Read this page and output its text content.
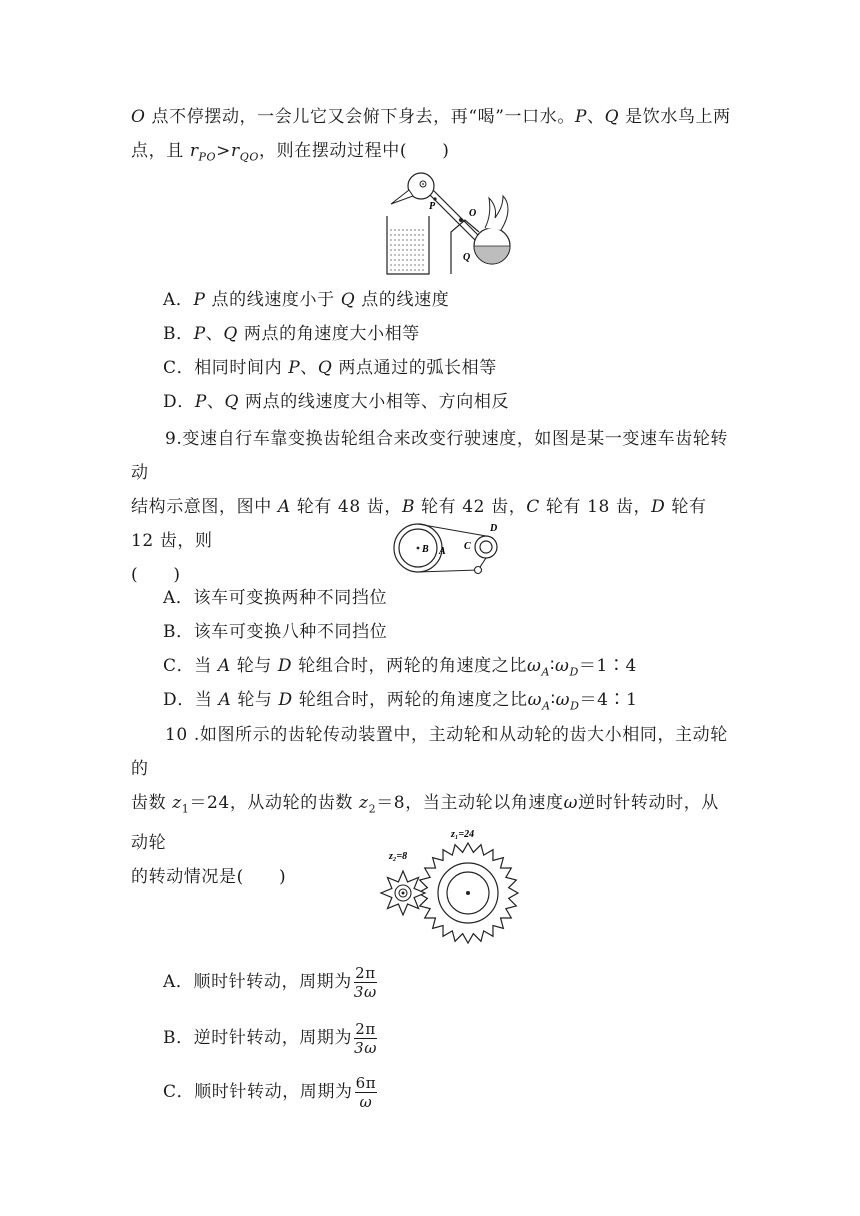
O 点不停摆动，一会儿它又会俯下身去，再“喝”一口水。P、Q 是饮水鸟上两
点，且 $r_{PO}>r_{QO}$，则在摆动过程中(　　)

P
O
Q
A．P 点的线速度小于 Q 点的线速度
B．P、Q 两点的角速度大小相等
C．相同时间内 P、Q 两点通过的弧长相等
D．P、Q 两点的线速度大小相等、方向相反

9.变速自行车靠变换齿轮组合来改变行驶速度，如图是某一变速车齿轮转动
结构示意图，图中 A 轮有 48 齿，B 轮有 42 齿，C 轮有 18 齿，D 轮有 12 齿，则
(　　)

B A C
D
A．该车可变换两种不同挡位
B．该车可变换八种不同挡位
C．当 A 轮与 D 轮组合时，两轮的角速度之比$\omega_A∶\omega_D=1∶4$
D．当 A 轮与 D 轮组合时，两轮的角速度之比$\omega_A∶\omega_D=4∶1$

10 .如图所示的齿轮传动装置中，主动轮和从动轮的齿大小相同，主动轮的
齿数 $z_1=24$，从动轮的齿数 $z_2=8$，当主动轮以角速度ω逆时针转动时，从动轮
的转动情况是(　　)

z₁=24
z₂=8
A．顺时针转动，周期为 $\frac{2\pi}{3\omega}$
B．逆时针转动，周期为 $\frac{2\pi}{3\omega}$
C．顺时针转动，周期为 $\frac{6\pi}{\omega}$
